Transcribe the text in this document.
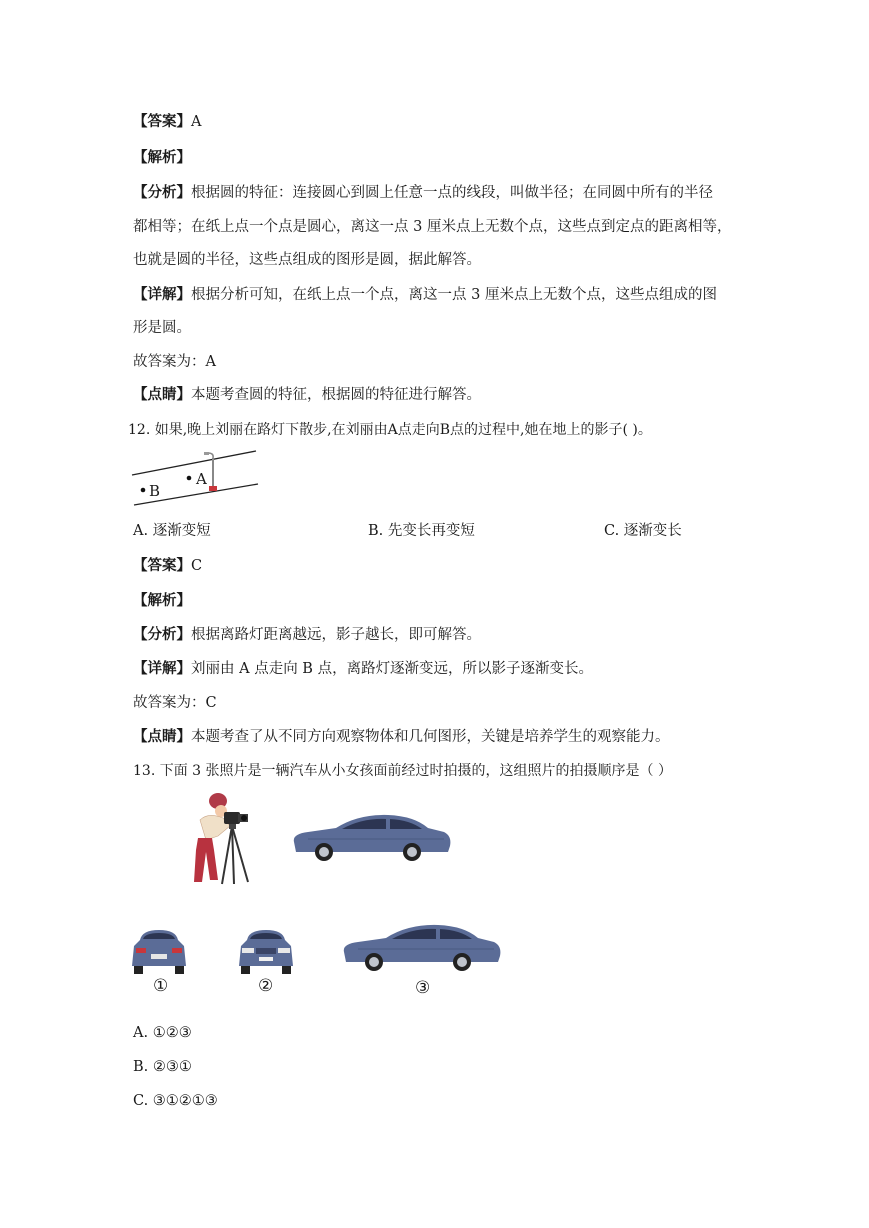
【答案】A
【解析】
【分析】根据圆的特征：连接圆心到圆上任意一点的线段，叫做半径；在同圆中所有的半径
都相等；在纸上点一个点是圆心，离这一点 3 厘米点上无数个点，这些点到定点的距离相等，
也就是圆的半径，这些点组成的图形是圆，据此解答。
【详解】根据分析可知，在纸上点一个点，离这一点 3 厘米点上无数个点，这些点组成的图
形是圆。
故答案为：A
【点睛】本题考查圆的特征，根据圆的特征进行解答。
12. 如果,晚上刘丽在路灯下散步,在刘丽由A点走向B点的过程中,她在地上的影子( )。
A
B
A. 逐渐变短	B. 先变长再变短	C. 逐渐变长
【答案】C
【解析】
【分析】根据离路灯距离越远，影子越长，即可解答。
【详解】刘丽由 A 点走向 B 点，离路灯逐渐变远，所以影子逐渐变长。
故答案为：C
【点睛】本题考查了从不同方向观察物体和几何图形，关键是培养学生的观察能力。
13. 下面 3 张照片是一辆汽车从小女孩面前经过时拍摄的，这组照片的拍摄顺序是（ ）
①	②	③
A. ①②③
B. ②③①
C. ③①②①③
